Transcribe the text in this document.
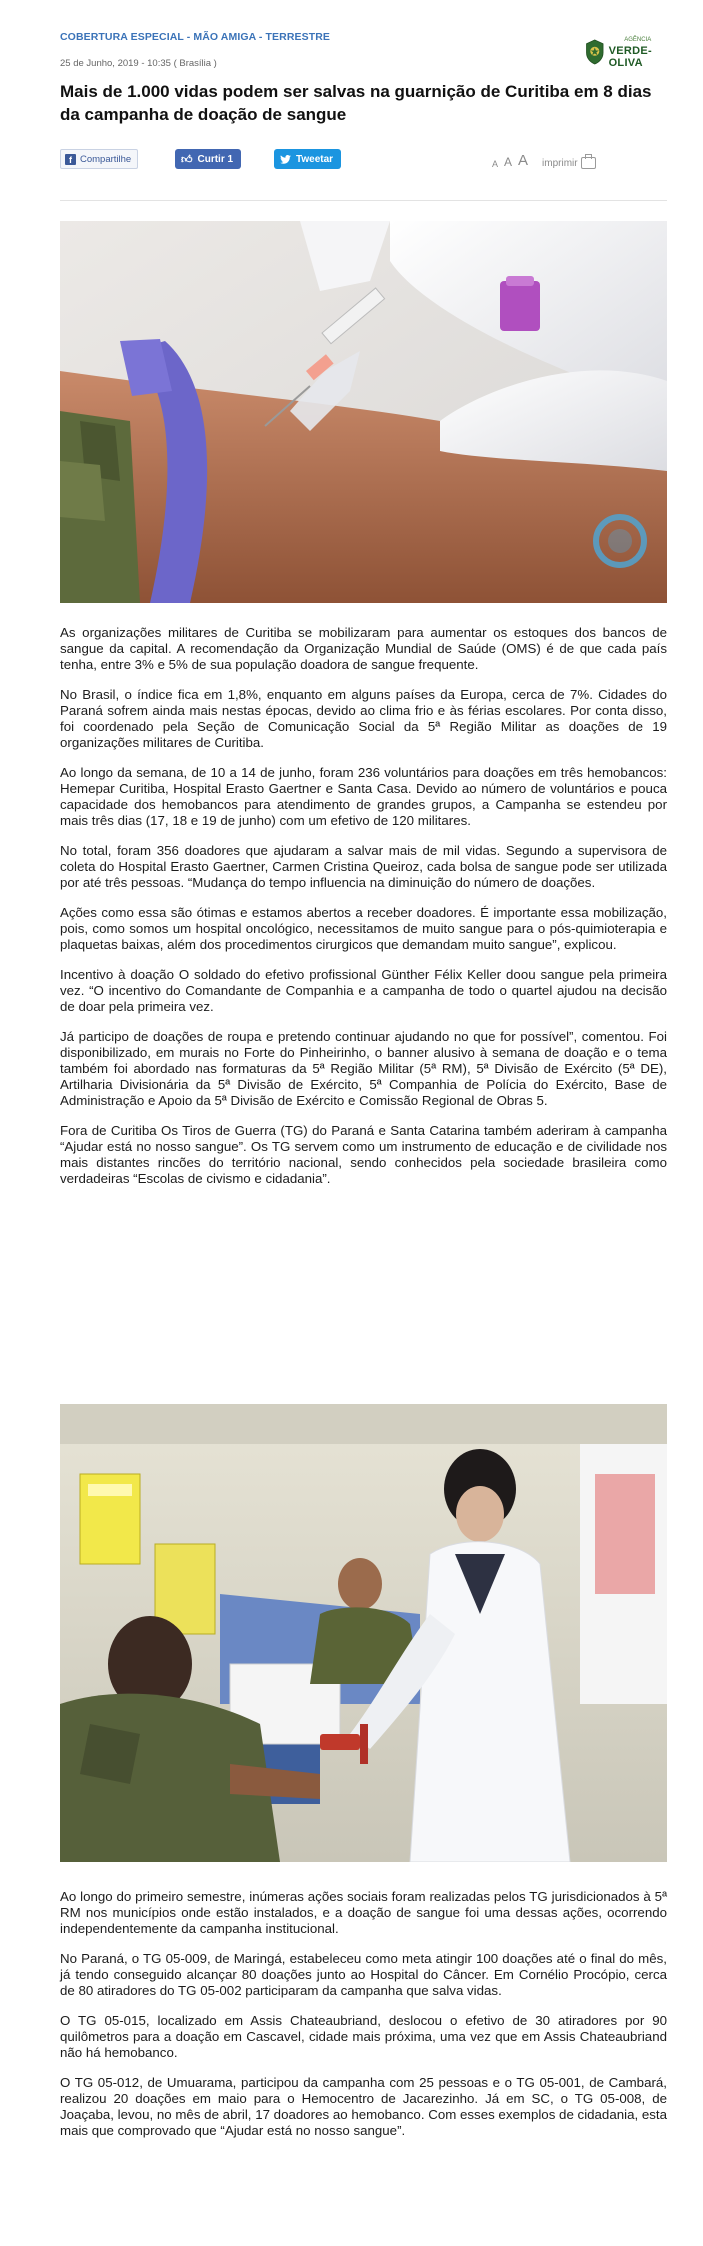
COBERTURA ESPECIAL - MÃO AMIGA - TERRESTRE
25 de Junho, 2019 - 10:35 ( Brasília )
Mais de 1.000 vidas podem ser salvas na guarnição de Curitiba em 8 dias da campanha de doação de sangue
AGÊNCIA
VERDE-OLIVA
f Compartilhe	👍︎ Curtir 1	Tweetar	A A A imprimir

As organizações militares de Curitiba se mobilizaram para aumentar os estoques dos bancos de sangue da capital. A recomendação da Organização Mundial de Saúde (OMS) é de que cada país tenha, entre 3% e 5% de sua população doadora de sangue frequente.

No Brasil, o índice fica em 1,8%, enquanto em alguns países da Europa, cerca de 7%. Cidades do Paraná sofrem ainda mais nestas épocas, devido ao clima frio e às férias escolares. Por conta disso, foi coordenado pela Seção de Comunicação Social da 5ª Região Militar as doações de 19 organizações militares de Curitiba.

Ao longo da semana, de 10 a 14 de junho, foram 236 voluntários para doações em três hemobancos: Hemepar Curitiba, Hospital Erasto Gaertner e Santa Casa. Devido ao número de voluntários e pouca capacidade dos hemobancos para atendimento de grandes grupos, a Campanha se estendeu por mais três dias (17, 18 e 19 de junho) com um efetivo de 120 militares.

No total, foram 356 doadores que ajudaram a salvar mais de mil vidas. Segundo a supervisora de coleta do Hospital Erasto Gaertner, Carmen Cristina Queiroz, cada bolsa de sangue pode ser utilizada por até três pessoas. “Mudança do tempo influencia na diminuição do número de doações.

Ações como essa são ótimas e estamos abertos a receber doadores. É importante essa mobilização, pois, como somos um hospital oncológico, necessitamos de muito sangue para o pós-quimioterapia e plaquetas baixas, além dos procedimentos cirurgicos que demandam muito sangue”, explicou.

Incentivo à doação O soldado do efetivo profissional Günther Félix Keller doou sangue pela primeira vez. “O incentivo do Comandante de Companhia e a campanha de todo o quartel ajudou na decisão de doar pela primeira vez.

Já participo de doações de roupa e pretendo continuar ajudando no que for possível”, comentou. Foi disponibilizado, em murais no Forte do Pinheirinho, o banner alusivo à semana de doação e o tema também foi abordado nas formaturas da 5ª Região Militar (5ª RM), 5ª Divisão de Exército (5ª DE), Artilharia Divisionária da 5ª Divisão de Exército, 5ª Companhia de Polícia do Exército, Base de Administração e Apoio da 5ª Divisão de Exército e Comissão Regional de Obras 5.

Fora de Curitiba Os Tiros de Guerra (TG) do Paraná e Santa Catarina também aderiram à campanha “Ajudar está no nosso sangue”. Os TG servem como um instrumento de educação e de civilidade nos mais distantes rincões do território nacional, sendo conhecidos pela sociedade brasileira como verdadeiras “Escolas de civismo e cidadania”.

Ao longo do primeiro semestre, inúmeras ações sociais foram realizadas pelos TG jurisdicionados à 5ª RM nos municípios onde estão instalados, e a doação de sangue foi uma dessas ações, ocorrendo independentemente da campanha institucional.

No Paraná, o TG 05-009, de Maringá, estabeleceu como meta atingir 100 doações até o final do mês, já tendo conseguido alcançar 80 doações junto ao Hospital do Câncer. Em Cornélio Procópio, cerca de 80 atiradores do TG 05-002 participaram da campanha que salva vidas.

O TG 05-015, localizado em Assis Chateaubriand, deslocou o efetivo de 30 atiradores por 90 quilômetros para a doação em Cascavel, cidade mais próxima, uma vez que em Assis Chateaubriand não há hemobanco.

O TG 05-012, de Umuarama, participou da campanha com 25 pessoas e o TG 05-001, de Cambará, realizou 20 doações em maio para o Hemocentro de Jacarezinho. Já em SC, o TG 05-008, de Joaçaba, levou, no mês de abril, 17 doadores ao hemobanco. Com esses exemplos de cidadania, esta mais que comprovado que “Ajudar está no nosso sangue”.
